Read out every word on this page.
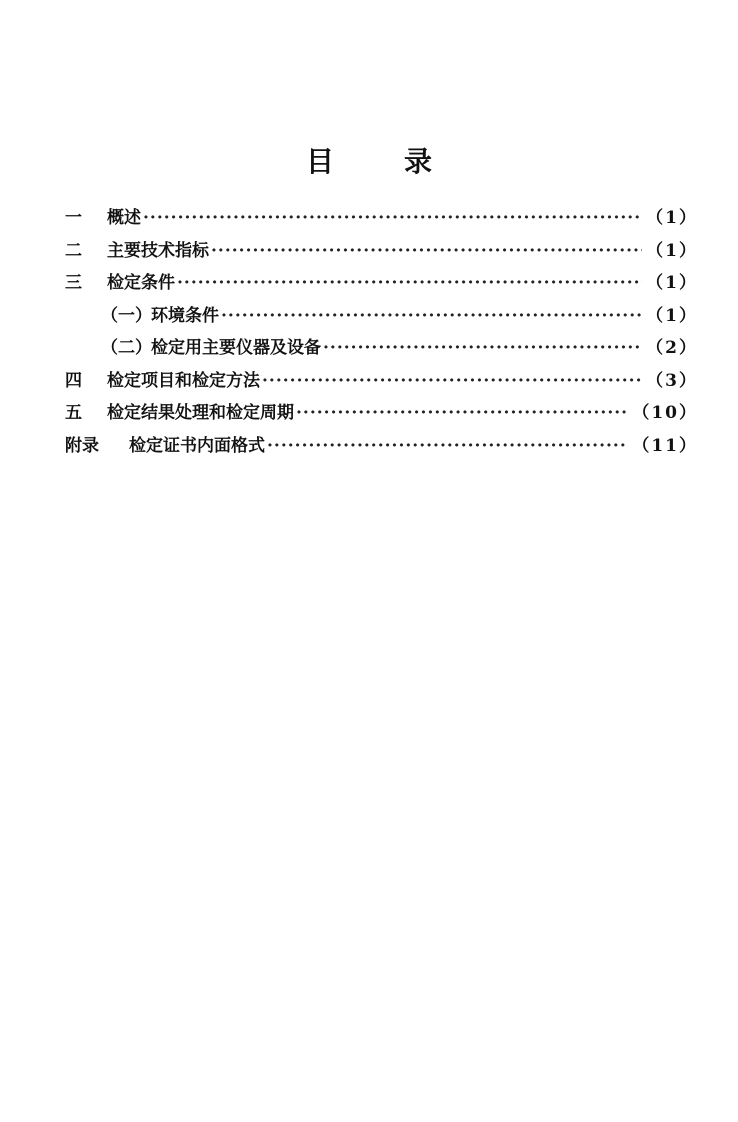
目	录
一	概述 ·····	（1）
二	主要技术指标 ·····	（1）
三	检定条件 ·····	（1）
（一） 环境条件 ·····	（1）
（二） 检定用主要仪器及设备 ·····	（2）
四	检定项目和检定方法 ·····	（3）
五	检定结果处理和检定周期 ·····	（10）
附录	检定证书内面格式 ·····	（11）
